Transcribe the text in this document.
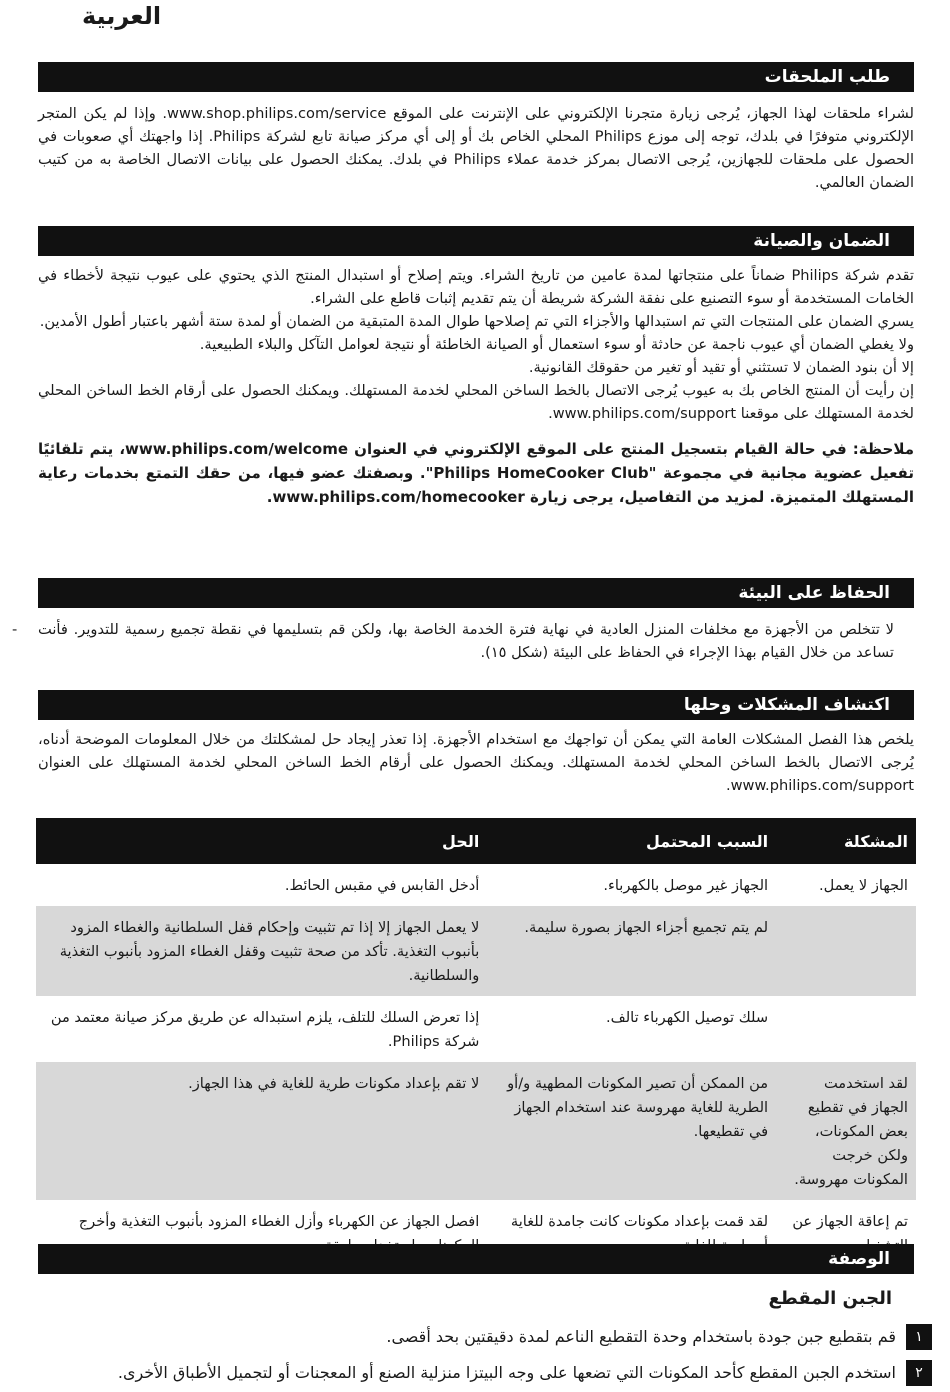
العربية
طلب الملحقات

لشراء ملحقات لهذا الجهاز، يُرجى زيارة متجرنا الإلكتروني على الإنترنت على الموقع www.shop.philips.com/service. وإذا لم يكن المتجر الإلكتروني متوفرًا في بلدك، توجه إلى موزع Philips المحلي الخاص بك أو إلى أي مركز صيانة تابع لشركة Philips. إذا واجهتك أي صعوبات في الحصول على ملحقات للجهازين، يُرجى الاتصال بمركز خدمة عملاء Philips في بلدك. يمكنك الحصول على بيانات الاتصال الخاصة به من كتيب الضمان العالمي.

الضمان والصيانة

تقدم شركة Philips ضماناً على منتجاتها لمدة عامين من تاريخ الشراء. ويتم إصلاح أو استبدال المنتج الذي يحتوي على عيوب نتيجة لأخطاء في الخامات المستخدمة أو سوء التصنيع على نفقة الشركة شريطة أن يتم تقديم إثبات قاطع على الشراء.

يسري الضمان على المنتجات التي تم استبدالها والأجزاء التي تم إصلاحها طوال المدة المتبقية من الضمان أو لمدة ستة أشهر باعتبار أطول الأمدين.

ولا يغطي الضمان أي عيوب ناجمة عن حادثة أو سوء استعمال أو الصيانة الخاطئة أو نتيجة لعوامل التآكل والبلاء الطبيعية.

إلا أن بنود الضمان لا تستثني أو تقيد أو تغير من حقوقك القانونية.

إن رأيت أن المنتج الخاص بك به عيوب يُرجى الاتصال بالخط الساخن المحلي لخدمة المستهلك. ويمكنك الحصول على أرقام الخط الساخن المحلي لخدمة المستهلك على موقعنا www.philips.com/support.

ملاحظة: في حالة القيام بتسجيل المنتج على الموقع الإلكتروني في العنوان www.philips.com/welcome، يتم تلقائيًا تفعيل عضوية مجانية في مجموعة "Philips HomeCooker Club". وبصفتك عضو فيها، من حقك التمتع بخدمات رعاية المستهلك المتميزة. لمزيد من التفاصيل، يرجى زيارة www.philips.com/homecooker.

الحفاظ على البيئة
- لا تتخلص من الأجهزة مع مخلفات المنزل العادية في نهاية فترة الخدمة الخاصة بها، ولكن قم بتسليمها في نقطة تجميع رسمية للتدوير. فأنت تساعد من خلال القيام بهذا الإجراء في الحفاظ على البيئة (شكل ١٥).
اكتشاف المشكلات وحلها

يلخص هذا الفصل المشكلات العامة التي يمكن أن تواجهك مع استخدام الأجهزة. إذا تعذر إيجاد حل لمشكلتك من خلال المعلومات الموضحة أدناه، يُرجى الاتصال بالخط الساخن المحلي لخدمة المستهلك. ويمكنك الحصول على أرقام الخط الساخن المحلي لخدمة المستهلك على العنوان www.philips.com/support.

المشكلة	السبب المحتمل	الحل
الجهاز لا يعمل.	الجهاز غير موصل بالكهرباء.	أدخل القابس في مقبس الحائط.
	لم يتم تجميع أجزاء الجهاز بصورة سليمة.	لا يعمل الجهاز إلا إذا تم تثبيت وإحكام قفل السلطانية والغطاء المزود بأنبوب التغذية. تأكد من صحة تثبيت وقفل الغطاء المزود بأنبوب التغذية والسلطانية.
	سلك توصيل الكهرباء تالف.	إذا تعرض السلك للتلف، يلزم استبداله عن طريق مركز صيانة معتمد من شركة Philips.
لقد استخدمت الجهاز في تقطيع بعض المكونات، ولكن خرجت المكونات مهروسة.	من الممكن أن تصير المكونات المطهية و/أو الطرية للغاية مهروسة عند استخدام الجهاز في تقطيعها.	لا تقم بإعداد مكونات طرية للغاية في هذا الجهاز.
تم إعاقة الجهاز عن	لقد قمت بإعداد مكونات كانت جامدة للغاية	افصل الجهاز عن الكهرباء وأزل الغطاء المزود بأنبوب التغذية وأخرج
الوصفة
الجبن المقطع
١
قم بتقطيع جبن جودة باستخدام وحدة التقطيع الناعم لمدة دقيقتين بحد أقصى.
٢
استخدم الجبن المقطع كأحد المكونات التي تضعها على وجه البيتزا منزلية الصنع أو المعجنات أو لتجميل الأطباق الأخرى.
